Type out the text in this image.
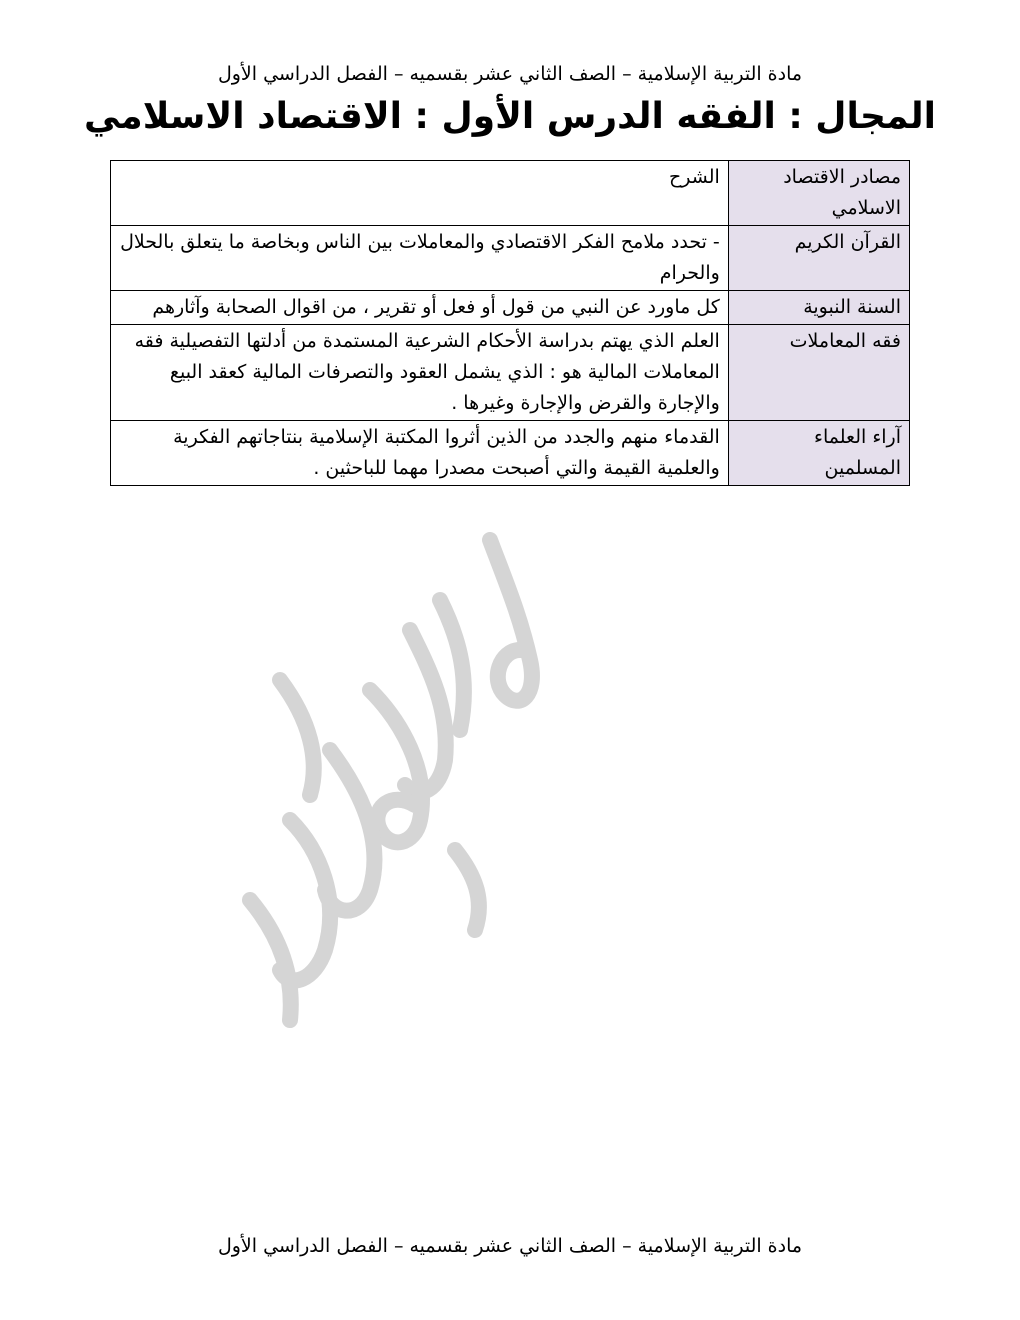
مادة التربية الإسلامية – الصف الثاني عشر بقسميه – الفصل الدراسي الأول
المجال : الفقه الدرس الأول : الاقتصاد الاسلامي
مصادر الاقتصاد الاسلامي	الشرح
القرآن الكريم	- تحدد ملامح الفكر الاقتصادي والمعاملات بين الناس وبخاصة ما يتعلق بالحلال والحرام
السنة النبوية	كل ماورد عن النبي من قول أو فعل أو تقرير ، من اقوال الصحابة وآثارهم
فقه المعاملات	العلم الذي يهتم بدراسة الأحكام الشرعية المستمدة من أدلتها التفصيلية فقه المعاملات المالية هو : الذي يشمل العقود والتصرفات المالية كعقد البيع والإجارة والقرض والإجارة وغيرها .
آراء العلماء المسلمين	القدماء منهم والجدد من الذين أثروا المكتبة الإسلامية بنتاجاتهم الفكرية والعلمية القيمة والتي أصبحت مصدرا مهما للباحثين .
مادة التربية الإسلامية – الصف الثاني عشر بقسميه – الفصل الدراسي الأول
